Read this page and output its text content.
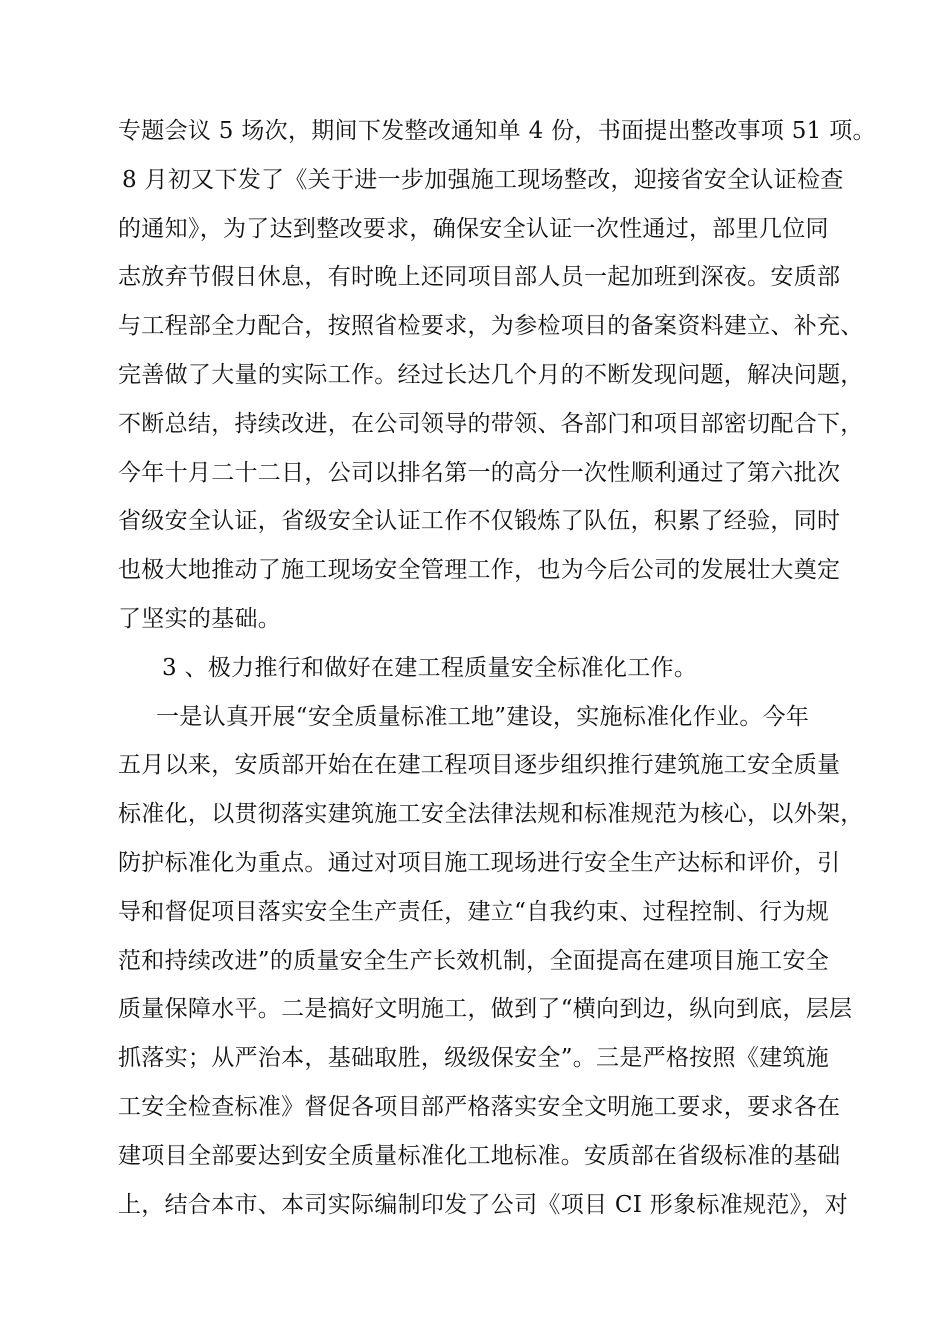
专题会议 5 场次，期间下发整改通知单 4 份，书面提出整改事项 51 项。
8 月初又下发了《关于进一步加强施工现场整改，迎接省安全认证检查
的通知》，为了达到整改要求，确保安全认证一次性通过，部里几位同
志放弃节假日休息，有时晚上还同项目部人员一起加班到深夜。安质部
与工程部全力配合，按照省检要求，为参检项目的备案资料建立、补充、
完善做了大量的实际工作。经过长达几个月的不断发现问题，解决问题，
不断总结，持续改进，在公司领导的带领、各部门和项目部密切配合下，
今年十月二十二日，公司以排名第一的高分一次性顺利通过了第六批次
省级安全认证，省级安全认证工作不仅锻炼了队伍，积累了经验，同时
也极大地推动了施工现场安全管理工作，也为今后公司的发展壮大奠定
了坚实的基础。
3 、极力推行和做好在建工程质量安全标准化工作。
一是认真开展“安全质量标准工地”建设，实施标准化作业。今年
五月以来，安质部开始在在建工程项目逐步组织推行建筑施工安全质量
标准化，以贯彻落实建筑施工安全法律法规和标准规范为核心，以外架，
防护标准化为重点。通过对项目施工现场进行安全生产达标和评价，引
导和督促项目落实安全生产责任，建立“自我约束、过程控制、行为规
范和持续改进”的质量安全生产长效机制，全面提高在建项目施工安全
质量保障水平。二是搞好文明施工，做到了“横向到边，纵向到底，层层
抓落实；从严治本，基础取胜，级级保安全”。三是严格按照《建筑施
工安全检查标准》督促各项目部严格落实安全文明施工要求，要求各在
建项目全部要达到安全质量标准化工地标准。安质部在省级标准的基础
上，结合本市、本司实际编制印发了公司《项目 CI 形象标准规范》，对
